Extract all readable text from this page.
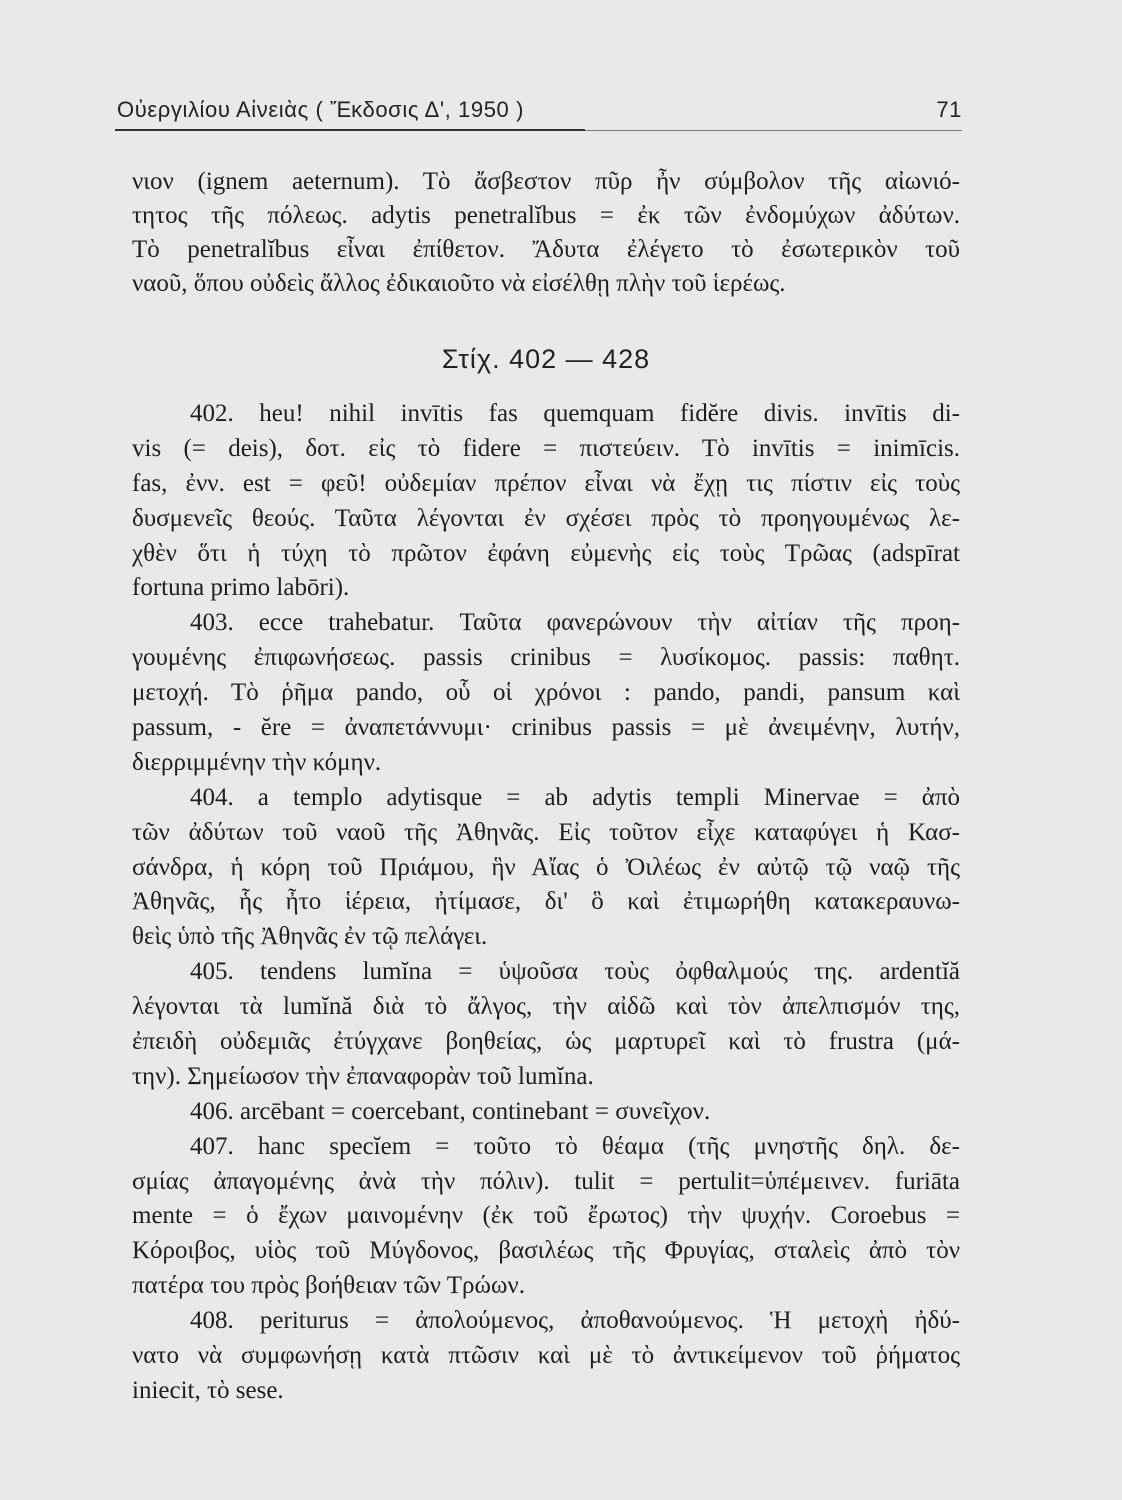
Οὐεργιλίου Αἰνειὰς ( Ἔκδοσις Δ', 1950 )	71
νιον (ignem aeternum). Τὸ ἄσβεστον πῦρ ἦν σύμβολον τῆς αἰωνιό-
τητος τῆς πόλεως. adytis penetralĭbus = ἐκ τῶν ἐνδομύχων ἀδύτων.
Τὸ penetralĭbus εἶναι ἐπίθετον. Ἄδυτα ἐλέγετο τὸ ἐσωτερικὸν τοῦ
ναοῦ, ὅπου οὐδεὶς ἄλλος ἐδικαιοῦτο νὰ εἰσέλθῃ πλὴν τοῦ ἱερέως.
Στίχ. 402 — 428
402. heu! nihil invītis fas quemquam fidĕre divis. invītis di-
vis (= deis), δοτ. εἰς τὸ fidere = πιστεύειν. Τὸ invītis = inimīcis.
fas, ἐνν. est = φεῦ! οὐδεμίαν πρέπον εἶναι νὰ ἔχῃ τις πίστιν εἰς τοὺς
δυσμενεῖς θεούς. Ταῦτα λέγονται ἐν σχέσει πρὸς τὸ προηγουμένως λε-
χθὲν ὅτι ἡ τύχη τὸ πρῶτον ἐφάνη εὐμενὴς εἰς τοὺς Τρῶας (adspīrat
fortuna primo labōri).
403. ecce trahebatur. Ταῦτα φανερώνουν τὴν αἰτίαν τῆς προη-
γουμένης ἐπιφωνήσεως. passis crinibus = λυσίκομος. passis: παθητ.
μετοχή. Τὸ ῥῆμα pando, οὗ οἱ χρόνοι : pando, pandi, pansum καὶ
passum, - ĕre = ἀναπετάννυμι· crinibus passis = μὲ ἀνειμένην, λυτήν,
διερριμμένην τὴν κόμην.
404. a templo adytisque = ab adytis templi Minervae = ἀπὸ
τῶν ἀδύτων τοῦ ναοῦ τῆς Ἀθηνᾶς. Εἰς τοῦτον εἶχε καταφύγει ἡ Κασ-
σάνδρα, ἡ κόρη τοῦ Πριάμου, ἣν Αἴας ὁ Ὀιλέως ἐν αὐτῷ τῷ ναῷ τῆς
Ἀθηνᾶς, ἧς ἦτο ἱέρεια, ἠτίμασε, δι' ὃ καὶ ἐτιμωρήθη κατακεραυνω-
θεὶς ὑπὸ τῆς Ἀθηνᾶς ἐν τῷ πελάγει.
405. tendens lumĭna = ὑψοῦσα τοὺς ὀφθαλμούς της. ardentĭă
λέγονται τὰ lumĭnă διὰ τὸ ἄλγος, τὴν αἰδῶ καὶ τὸν ἀπελπισμόν της,
ἐπειδὴ οὐδεμιᾶς ἐτύγχανε βοηθείας, ὡς μαρτυρεῖ καὶ τὸ frustra (μά-
την). Σημείωσον τὴν ἐπαναφορὰν τοῦ lumĭna.
406. arcēbant = coercebant, continebant = συνεῖχον.
407. hanc specĭem = τοῦτο τὸ θέαμα (τῆς μνηστῆς δηλ. δε-
σμίας ἀπαγομένης ἀνὰ τὴν πόλιν). tulit = pertulit=ὑπέμεινεν. furiāta
mente = ὁ ἔχων μαινομένην (ἐκ τοῦ ἔρωτος) τὴν ψυχήν. Coroebus =
Κόροιβος, υἱὸς τοῦ Μύγδονος, βασιλέως τῆς Φρυγίας, σταλεὶς ἀπὸ τὸν
πατέρα του πρὸς βοήθειαν τῶν Τρώων.
408. periturus = ἀπολούμενος, ἀποθανούμενος. Ἡ μετοχὴ ἠδύ-
νατο νὰ συμφωνήσῃ κατὰ πτῶσιν καὶ μὲ τὸ ἀντικείμενον τοῦ ῥήματος
iniecit, τὸ sese.
